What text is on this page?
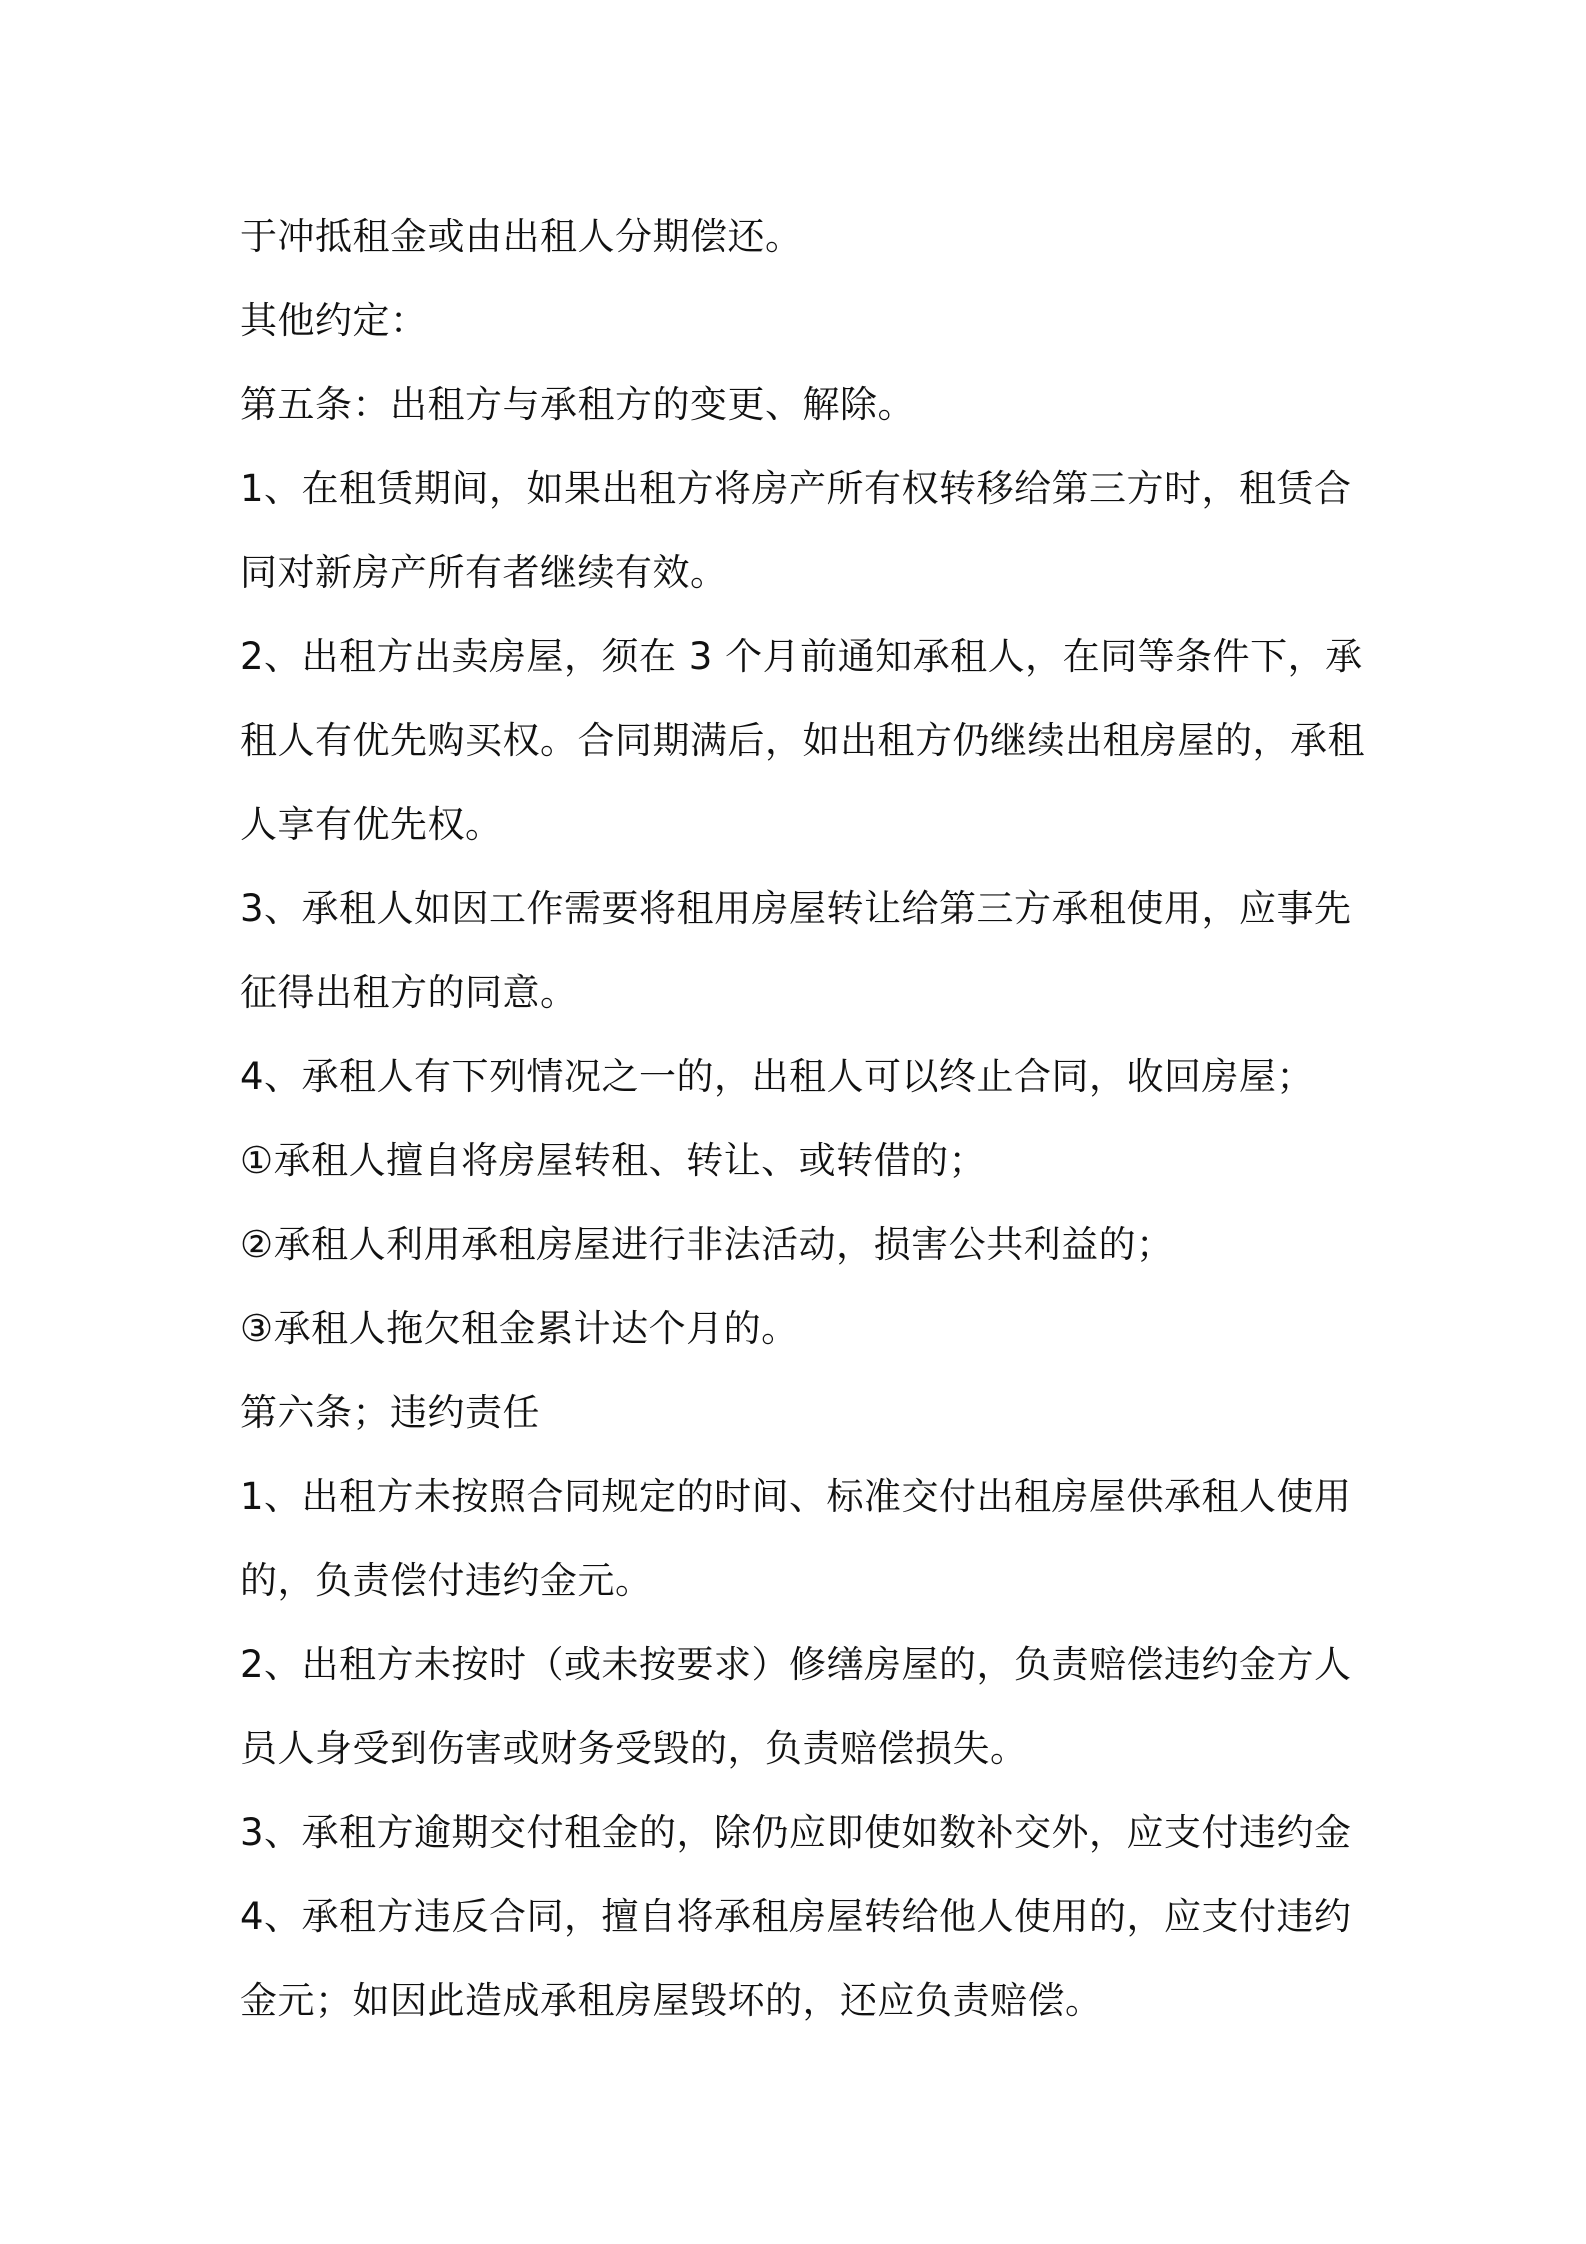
于冲抵租金或由出租人分期偿还。
其他约定：
第五条：出租方与承租方的变更、解除。
1、在租赁期间，如果出租方将房产所有权转移给第三方时，租赁合
同对新房产所有者继续有效。
2、出租方出卖房屋，须在 3 个月前通知承租人，在同等条件下，承
租人有优先购买权。合同期满后，如出租方仍继续出租房屋的，承租
人享有优先权。
3、承租人如因工作需要将租用房屋转让给第三方承租使用，应事先
征得出租方的同意。
4、承租人有下列情况之一的，出租人可以终止合同，收回房屋；
①承租人擅自将房屋转租、转让、或转借的；
②承租人利用承租房屋进行非法活动，损害公共利益的；
③承租人拖欠租金累计达个月的。
第六条；违约责任
1、出租方未按照合同规定的时间、标准交付出租房屋供承租人使用
的，负责偿付违约金元。
2、出租方未按时（或未按要求）修缮房屋的，负责赔偿违约金方人
员人身受到伤害或财务受毁的，负责赔偿损失。
3、承租方逾期交付租金的，除仍应即使如数补交外，应支付违约金
4、承租方违反合同，擅自将承租房屋转给他人使用的，应支付违约
金元；如因此造成承租房屋毁坏的，还应负责赔偿。
